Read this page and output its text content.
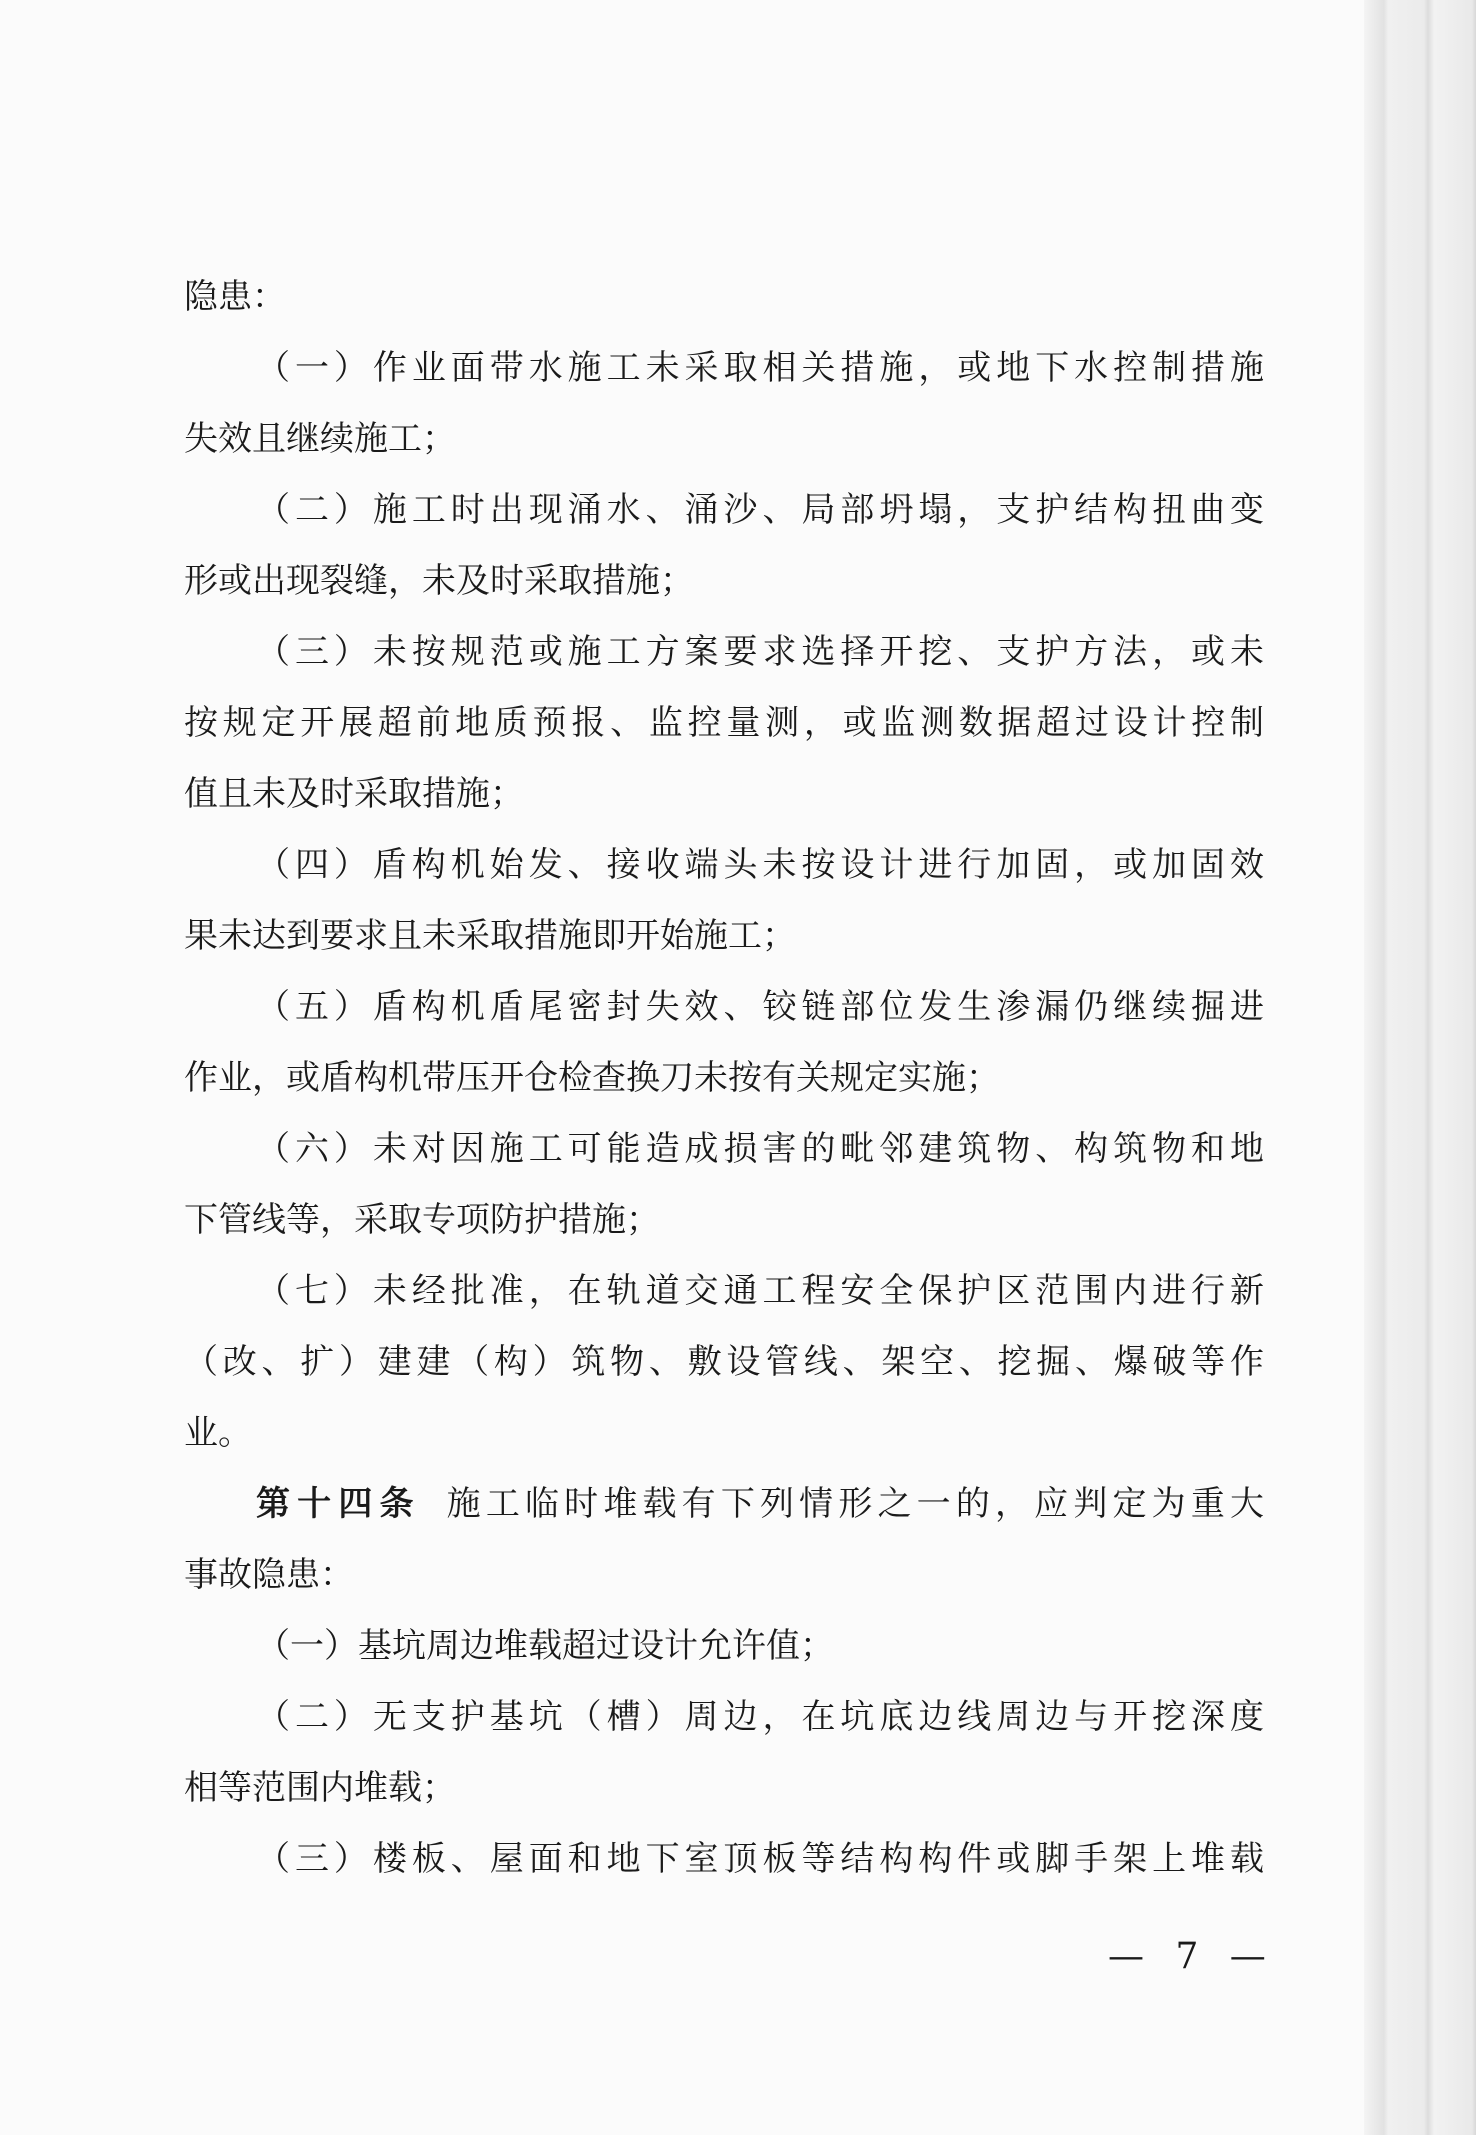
隐患：
（一）作业面带水施工未采取相关措施，或地下水控制措施
失效且继续施工；
（二）施工时出现涌水、涌沙、局部坍塌，支护结构扭曲变
形或出现裂缝，未及时采取措施；
（三）未按规范或施工方案要求选择开挖、支护方法，或未
按规定开展超前地质预报、监控量测，或监测数据超过设计控制
值且未及时采取措施；
（四）盾构机始发、接收端头未按设计进行加固，或加固效
果未达到要求且未采取措施即开始施工；
（五）盾构机盾尾密封失效、铰链部位发生渗漏仍继续掘进
作业，或盾构机带压开仓检查换刀未按有关规定实施；
（六）未对因施工可能造成损害的毗邻建筑物、构筑物和地
下管线等，采取专项防护措施；
（七）未经批准，在轨道交通工程安全保护区范围内进行新
（改、扩）建建（构）筑物、敷设管线、架空、挖掘、爆破等作
业。
第十四条 施工临时堆载有下列情形之一的，应判定为重大
事故隐患：
（一）基坑周边堆载超过设计允许值；
（二）无支护基坑（槽）周边，在坑底边线周边与开挖深度
相等范围内堆载；
（三）楼板、屋面和地下室顶板等结构构件或脚手架上堆载
— 7 —
